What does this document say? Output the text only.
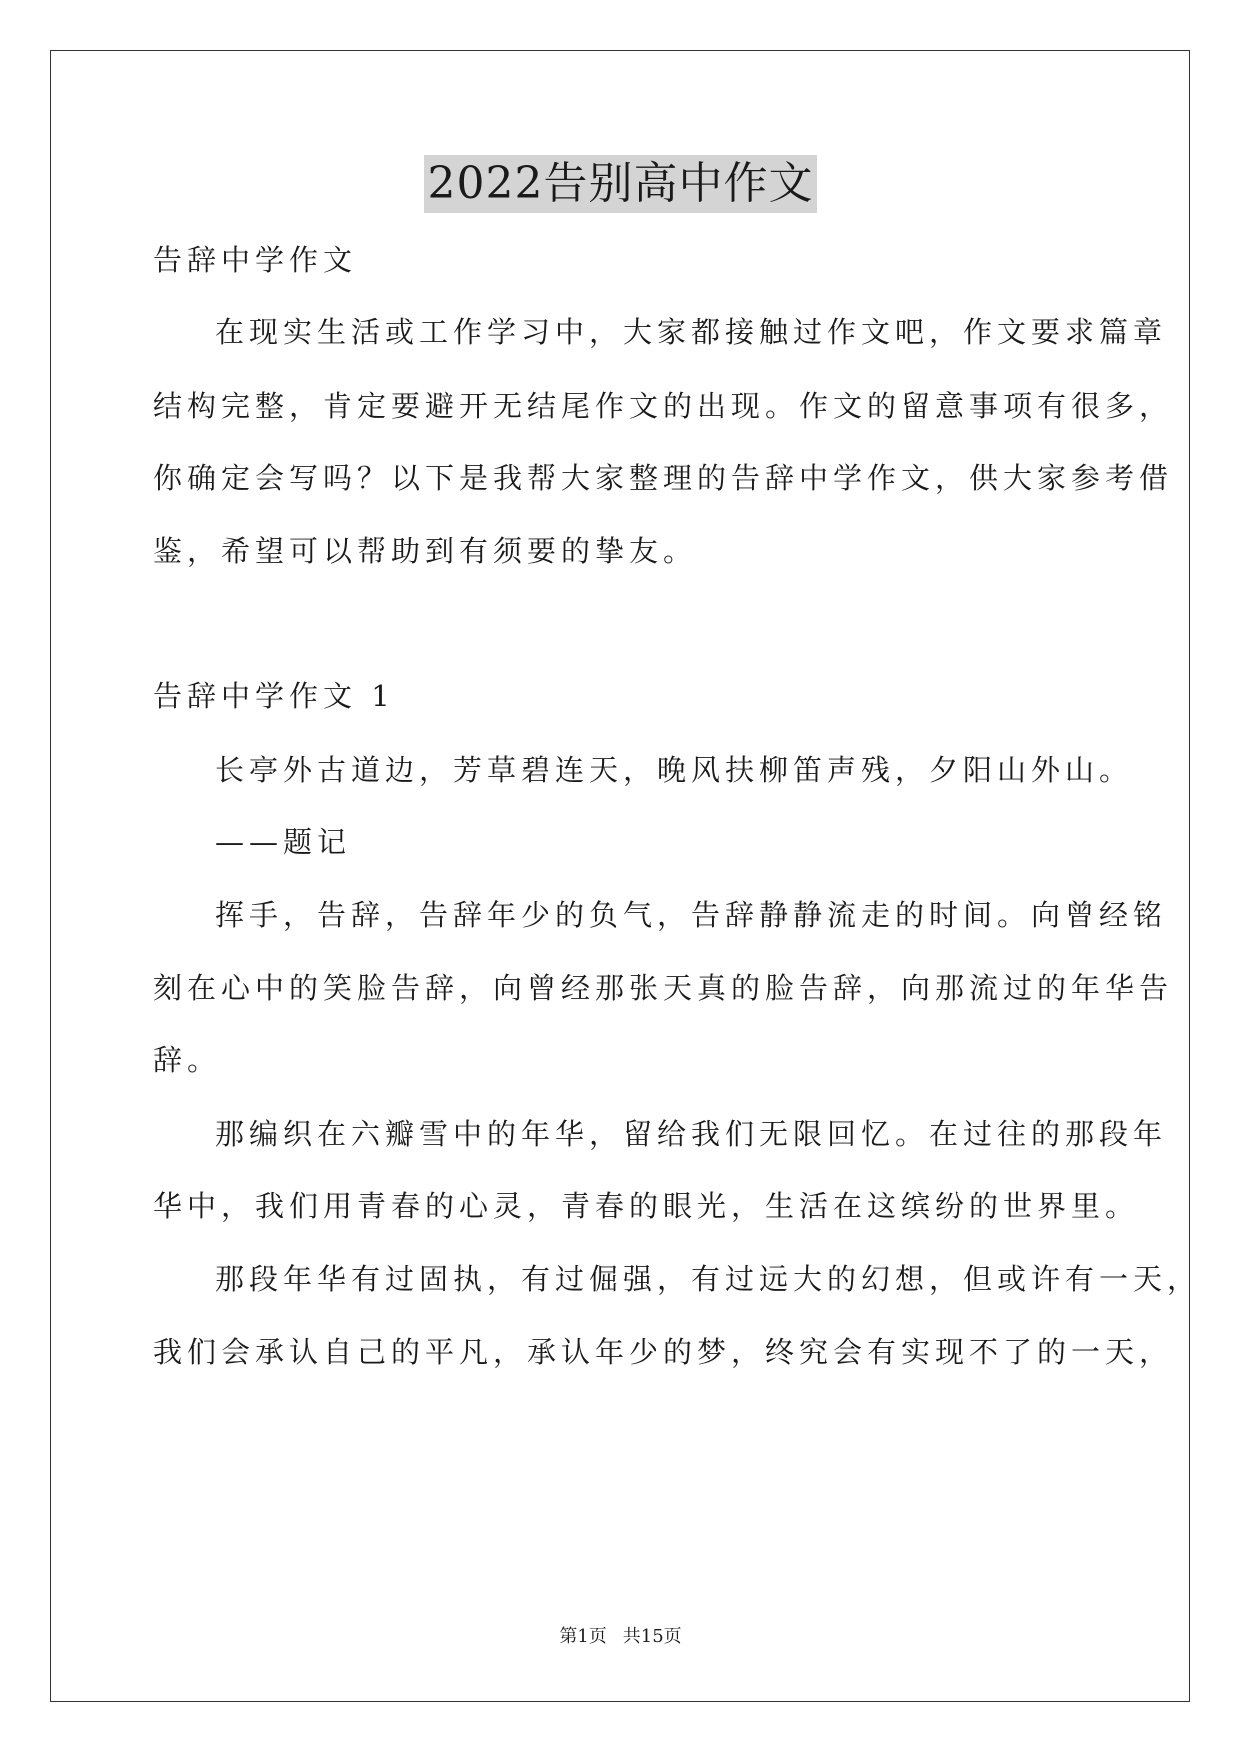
2022告别高中作文
告辞中学作文
在现实生活或工作学习中，大家都接触过作文吧，作文要求篇章
结构完整，肯定要避开无结尾作文的出现。作文的留意事项有很多，
你确定会写吗？以下是我帮大家整理的告辞中学作文，供大家参考借
鉴，希望可以帮助到有须要的挚友。
告辞中学作文 1
长亭外古道边，芳草碧连天，晚风扶柳笛声残，夕阳山外山。
——题记
挥手，告辞，告辞年少的负气，告辞静静流走的时间。向曾经铭
刻在心中的笑脸告辞，向曾经那张天真的脸告辞，向那流过的年华告
辞。
那编织在六瓣雪中的年华，留给我们无限回忆。在过往的那段年
华中，我们用青春的心灵，青春的眼光，生活在这缤纷的世界里。
那段年华有过固执，有过倔强，有过远大的幻想，但或许有一天，
我们会承认自己的平凡，承认年少的梦，终究会有实现不了的一天，
第1页 共15页
